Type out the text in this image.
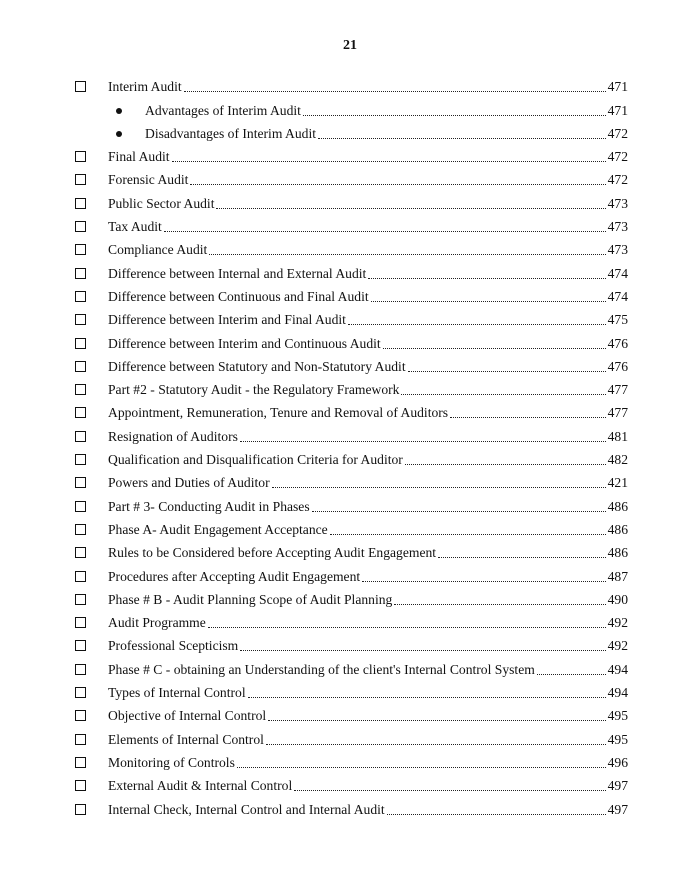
21
Interim Audit	471
Advantages of Interim Audit	471
Disadvantages of Interim Audit	472
Final Audit	472
Forensic Audit	472
Public Sector Audit	473
Tax Audit	473
Compliance Audit	473
Difference between Internal and External Audit	474
Difference between Continuous and Final Audit	474
Difference between Interim and Final Audit	475
Difference between Interim and Continuous Audit	476
Difference between Statutory and Non-Statutory Audit	476
Part #2 - Statutory Audit - the Regulatory Framework	477
Appointment, Remuneration, Tenure and Removal of Auditors	477
Resignation of Auditors	481
Qualification and Disqualification Criteria for Auditor	482
Powers and Duties of Auditor	421
Part # 3- Conducting Audit in Phases	486
Phase A- Audit Engagement Acceptance	486
Rules to be Considered before Accepting Audit Engagement	486
Procedures after Accepting Audit Engagement	487
Phase # B - Audit Planning Scope of Audit Planning	490
Audit Programme	492
Professional Scepticism	492
Phase # C - obtaining an Understanding of the client's Internal Control System	494
Types of Internal Control	494
Objective of Internal Control	495
Elements of Internal Control	495
Monitoring of Controls	496
External Audit & Internal Control	497
Internal Check, Internal Control and Internal Audit	497
